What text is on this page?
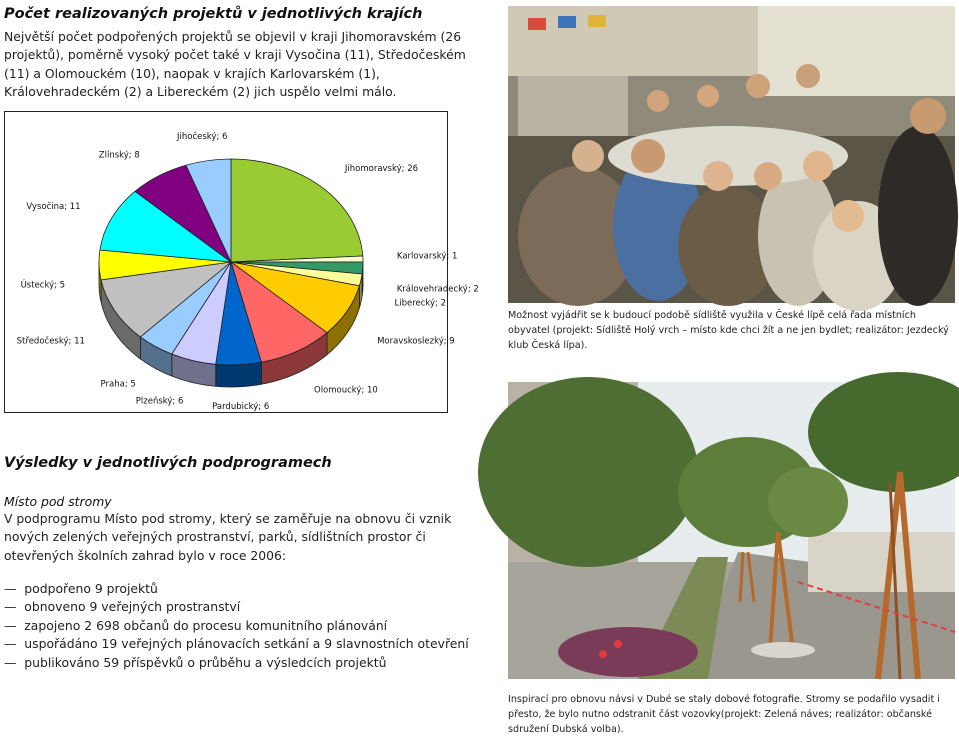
Počet realizovaných projektů v jednotlivých krajích

Největší počet podpořených projektů se objevil v kraji Jihomoravském (26 projektů), poměrně vysoký počet také v kraji Vysočina (11), Středočeském (11) a Olomouckém (10), naopak v krajích Karlovarském (1), Královehradeckém (2) a Libereckém (2) jich uspělo velmi málo.

Jihomoravský; 26
Karlovarský; 1
Královehradecký; 2
Liberecký; 2
Moravskoslezký; 9
Olomoucký; 10
Pardubický; 6
Plzeňský; 6
Praha; 5
Středočeský; 11
Ústecký; 5
Vysočina; 11
Zlínský; 8
Jihočeský; 6

Možnost vyjádřit se k budoucí podobě sídliště využila v České lípě celá řada místních obyvatel (projekt: Sídliště Holý vrch – místo kde chci žít a ne jen bydlet; realizátor: Jezdecký klub Česká lípa).

Inspirací pro obnovu návsi v Dubé se staly dobové fotografie. Stromy se podařilo vysadit i přesto, že bylo nutno odstranit část vozovky(projekt: Zelená náves; realizátor: občanské sdružení Dubská volba).

Výsledky v jednotlivých podprogramech
Místo pod stromy

V podprogramu Místo pod stromy, který se zaměřuje na obnovu či vznik nových zelených veřejných prostranství, parků, sídlištních prostor či otevřených školních zahrad bylo v roce 2006:

—  podpořeno 9 projektů
—  obnoveno 9 veřejných prostranství
—  zapojeno 2 698 občanů do procesu komunitního plánování
—  uspořádáno 19 veřejných plánovacích setkání a 9 slavnostních otevření
—  publikováno 59 příspěvků o průběhu a výsledcích projektů
